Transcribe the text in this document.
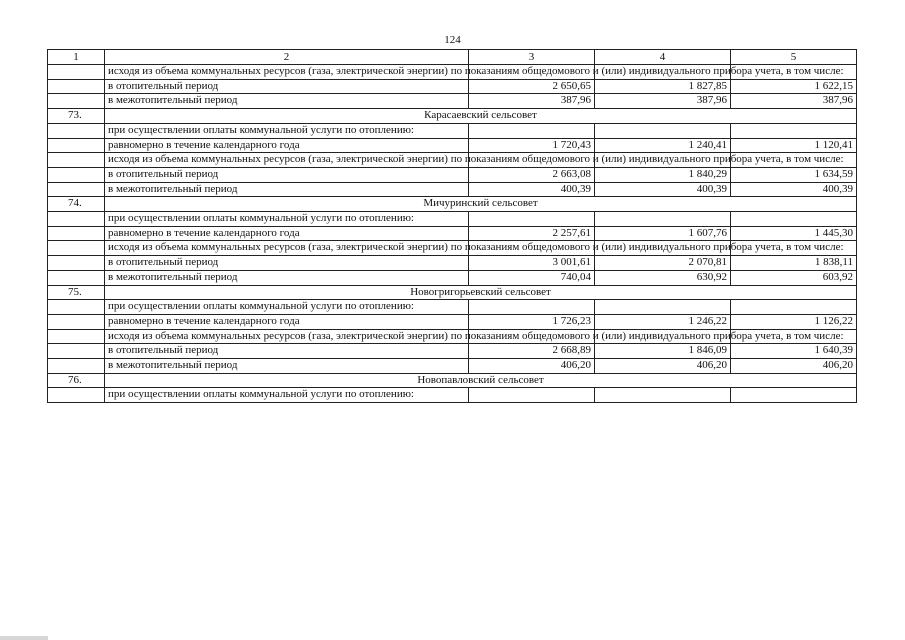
124
1	2	3	4	5
	исходя из объема коммунальных ресурсов (газа, электрической энергии) по показаниям общедомового и (или) индивидуального прибора учета, в том числе:			
	в отопительный период	2 650,65	1 827,85	1 622,15
	в межотопительный период	387,96	387,96	387,96
73.	Карасаевский сельсовет			
	при осуществлении оплаты коммунальной услуги по отоплению:			
	равномерно в течение календарного года	1 720,43	1 240,41	1 120,41
	исходя из объема коммунальных ресурсов (газа, электрической энергии) по показаниям общедомового и (или) индивидуального прибора учета, в том числе:			
	в отопительный период	2 663,08	1 840,29	1 634,59
	в межотопительный период	400,39	400,39	400,39
74.	Мичуринский сельсовет			
	при осуществлении оплаты коммунальной услуги по отоплению:			
	равномерно в течение календарного года	2 257,61	1 607,76	1 445,30
	исходя из объема коммунальных ресурсов (газа, электрической энергии) по показаниям общедомового и (или) индивидуального прибора учета, в том числе:			
	в отопительный период	3 001,61	2 070,81	1 838,11
	в межотопительный период	740,04	630,92	603,92
75.	Новогригорьевский сельсовет			
	при осуществлении оплаты коммунальной услуги по отоплению:			
	равномерно в течение календарного года	1 726,23	1 246,22	1 126,22
	исходя из объема коммунальных ресурсов (газа, электрической энергии) по показаниям общедомового и (или) индивидуального прибора учета, в том числе:			
	в отопительный период	2 668,89	1 846,09	1 640,39
	в межотопительный период	406,20	406,20	406,20
76.	Новопавловский сельсовет			
	при осуществлении оплаты коммунальной услуги по отоплению:			
